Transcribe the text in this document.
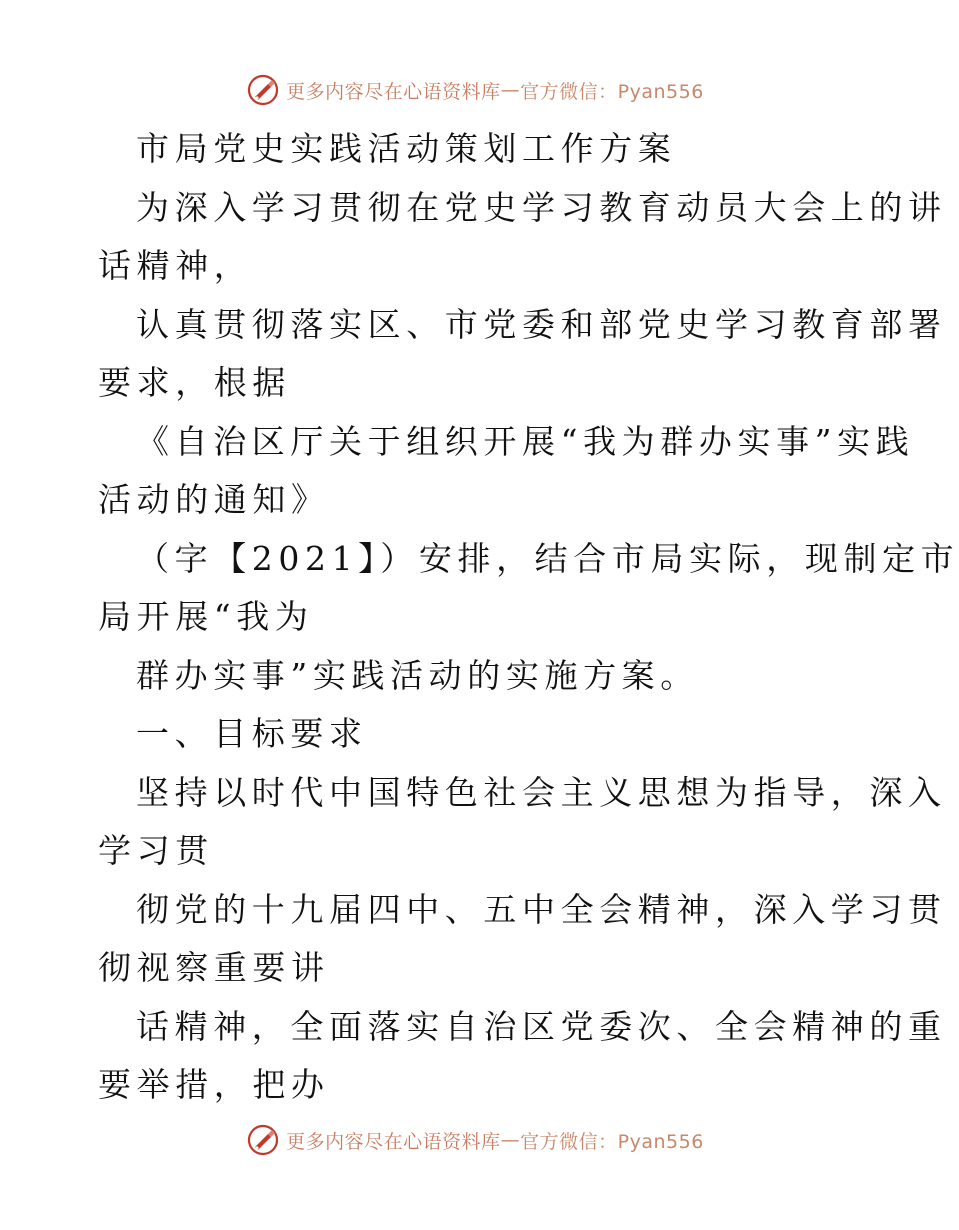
更多内容尽在心语资料库 — 官方微信：Pyan556
市局党史实践活动策划工作方案
为深入学习贯彻在党史学习教育动员大会上的讲
话精神，
认真贯彻落实区、市党委和部党史学习教育部署
要求，根据
《自治区厅关于组织开展“我为群办实事”实践
活动的通知》
（字【2021】）安排，结合市局实际，现制定市
局开展“我为
群办实事”实践活动的实施方案。
一、目标要求
坚持以时代中国特色社会主义思想为指导，深入
学习贯
彻党的十九届四中、五中全会精神，深入学习贯
彻视察重要讲
话精神，全面落实自治区党委次、全会精神的重
要举措，把办
更多内容尽在心语资料库 — 官方微信：Pyan556
